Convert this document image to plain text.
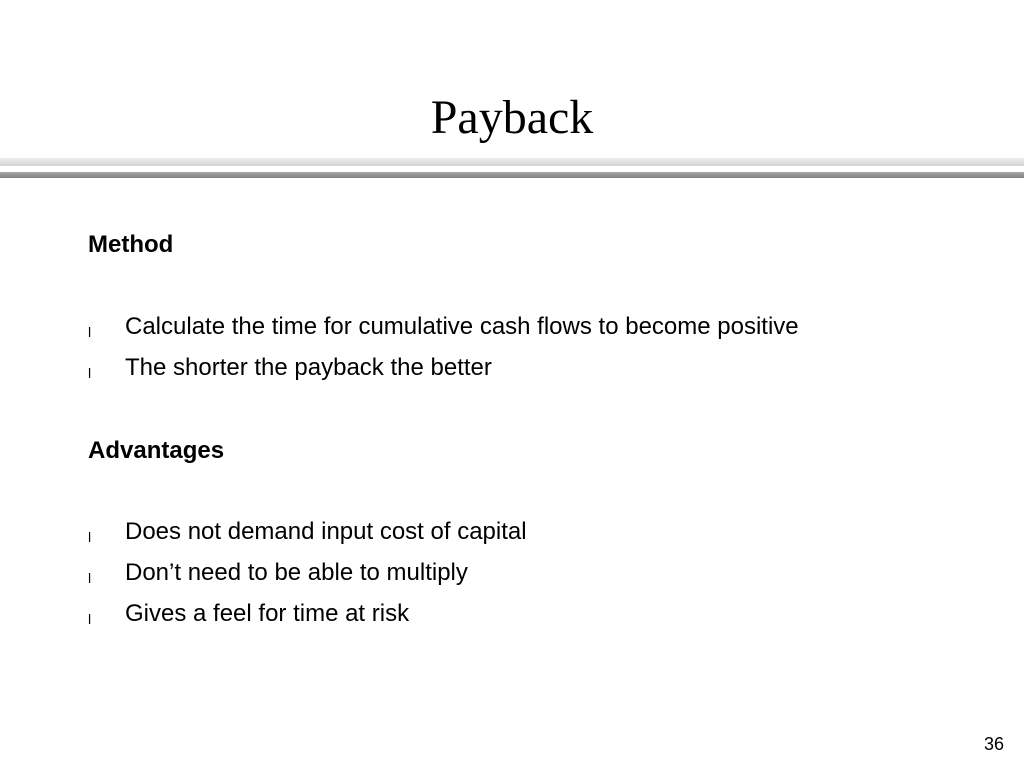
Payback
Method
l Calculate the time for cumulative cash flows to become positive
l The shorter the payback the better
Advantages
l Does not demand input cost of capital
l Don’t need to be able to multiply
l Gives a feel for time at risk
36
